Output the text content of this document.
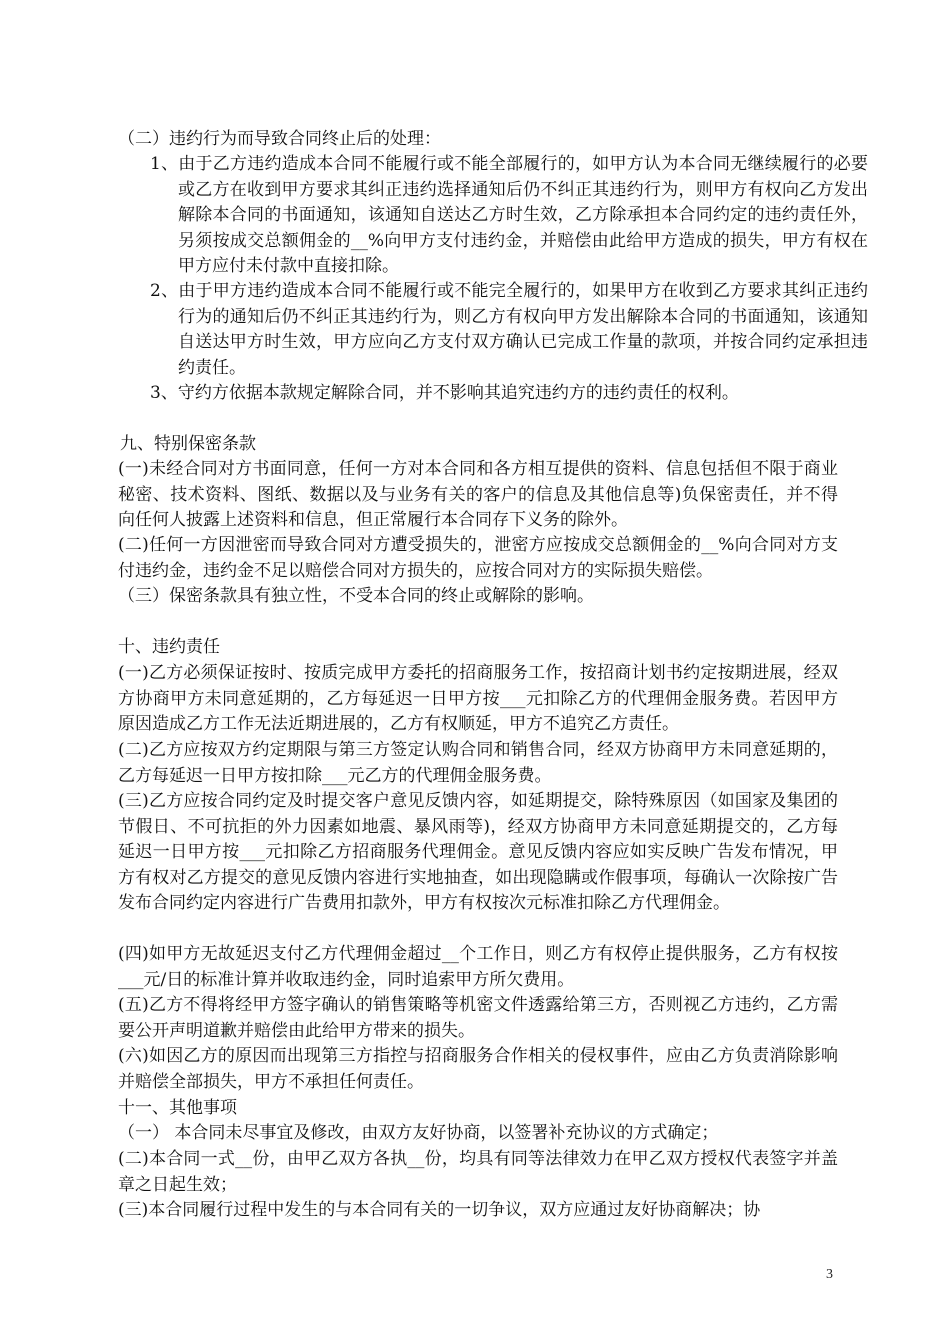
（二）违约行为而导致合同终止后的处理：
1、由于乙方违约造成本合同不能履行或不能全部履行的，如甲方认为本合同无继续履行的必要或乙方在收到甲方要求其纠正违约选择通知后仍不纠正其违约行为，则甲方有权向乙方发出解除本合同的书面通知，该通知自送达乙方时生效，乙方除承担本合同约定的违约责任外，另须按成交总额佣金的__%向甲方支付违约金，并赔偿由此给甲方造成的损失，甲方有权在甲方应付未付款中直接扣除。
2、由于甲方违约造成本合同不能履行或不能完全履行的，如果甲方在收到乙方要求其纠正违约行为的通知后仍不纠正其违约行为，则乙方有权向甲方发出解除本合同的书面通知，该通知自送达甲方时生效，甲方应向乙方支付双方确认已完成工作量的款项，并按合同约定承担违约责任。
3、守约方依据本款规定解除合同，并不影响其追究违约方的违约责任的权利。
九、特别保密条款
(一)未经合同对方书面同意，任何一方对本合同和各方相互提供的资料、信息包括但不限于商业秘密、技术资料、图纸、数据以及与业务有关的客户的信息及其他信息等)负保密责任，并不得向任何人披露上述资料和信息，但正常履行本合同存下义务的除外。
(二)任何一方因泄密而导致合同对方遭受损失的，泄密方应按成交总额佣金的__%向合同对方支付违约金，违约金不足以赔偿合同对方损失的，应按合同对方的实际损失赔偿。
（三）保密条款具有独立性，不受本合同的终止或解除的影响。
十、违约责任
(一)乙方必须保证按时、按质完成甲方委托的招商服务工作，按招商计划书约定按期进展，经双方协商甲方未同意延期的，乙方每延迟一日甲方按___元扣除乙方的代理佣金服务费。若因甲方原因造成乙方工作无法近期进展的，乙方有权顺延，甲方不追究乙方责任。
(二)乙方应按双方约定期限与第三方签定认购合同和销售合同，经双方协商甲方未同意延期的，乙方每延迟一日甲方按扣除___元乙方的代理佣金服务费。
(三)乙方应按合同约定及时提交客户意见反馈内容，如延期提交，除特殊原因（如国家及集团的节假日、不可抗拒的外力因素如地震、暴风雨等)，经双方协商甲方未同意延期提交的，乙方每延迟一日甲方按___元扣除乙方招商服务代理佣金。意见反馈内容应如实反映广告发布情况，甲方有权对乙方提交的意见反馈内容进行实地抽查，如出现隐瞒或作假事项，每确认一次除按广告发布合同约定内容进行广告费用扣款外，甲方有权按次元标准扣除乙方代理佣金。
(四)如甲方无故延迟支付乙方代理佣金超过__个工作日，则乙方有权停止提供服务，乙方有权按___元/日的标准计算并收取违约金，同时追索甲方所欠费用。
(五)乙方不得将经甲方签字确认的销售策略等机密文件透露给第三方，否则视乙方违约，乙方需要公开声明道歉并赔偿由此给甲方带来的损失。
(六)如因乙方的原因而出现第三方指控与招商服务合作相关的侵权事件，应由乙方负责消除影响并赔偿全部损失，甲方不承担任何责任。
十一、其他事项
（一） 本合同未尽事宜及修改，由双方友好协商，以签署补充协议的方式确定；
(二)本合同一式__份，由甲乙双方各执__份，均具有同等法律效力在甲乙双方授权代表签字并盖章之日起生效；
(三)本合同履行过程中发生的与本合同有关的一切争议，双方应通过友好协商解决；协
3
